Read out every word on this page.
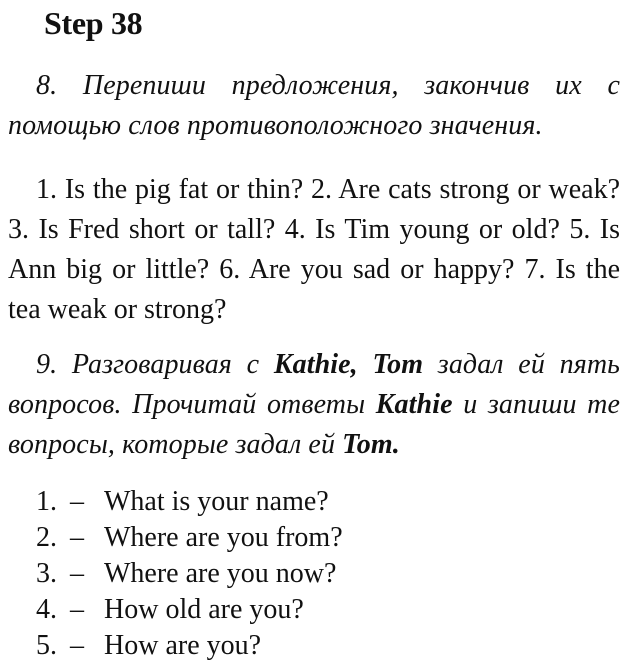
Step 38

8. Перепиши предложения, закончив их с помощью слов противоположного значения.

1. Is the pig fat or thin? 2. Are cats strong or weak? 3. Is Fred short or tall? 4. Is Tim young or old? 5. Is Ann big or little? 6. Are you sad or happy? 7. Is the tea weak or strong?

9. Разговаривая с Kathie, Tom задал ей пять вопросов. Прочитай ответы Kathie и запиши те вопросы, которые задал ей Tom.

1. – What is your name?
2. – Where are you from?
3. – Where are you now?
4. – How old are you?
5. – How are you?
